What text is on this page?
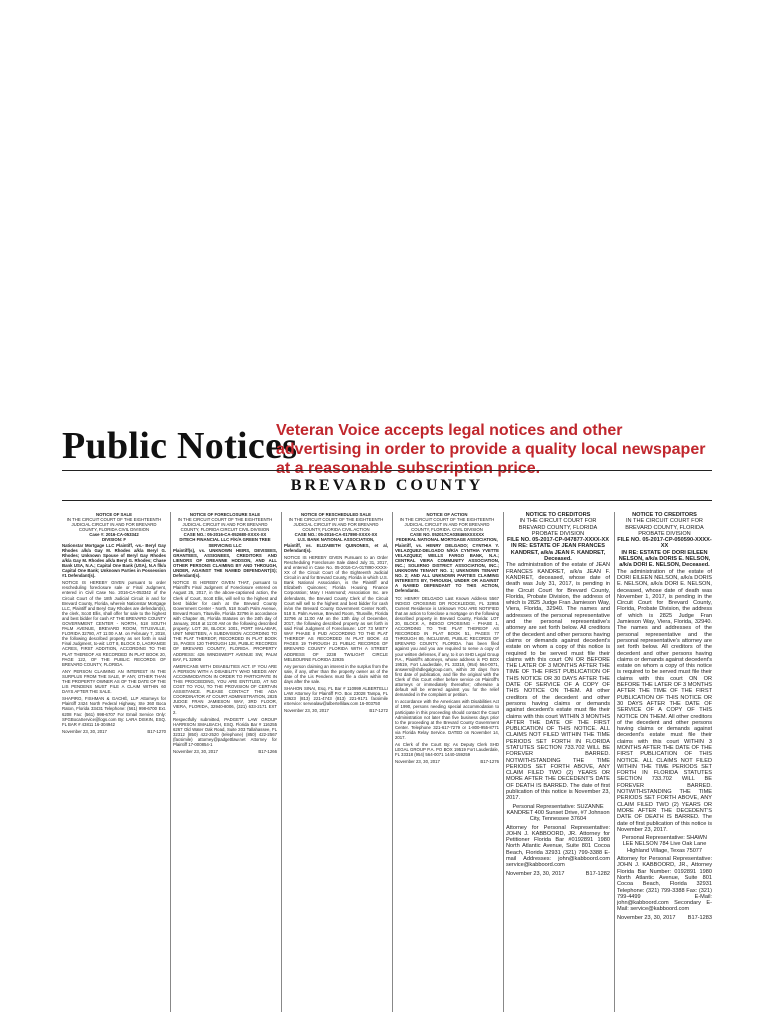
Public Notices
Veteran Voice accepts legal notices and other advertising in order to provide a quality local newspaper at a reasonable subscription price.
BREVARD COUNTY
NOTICE OF SALE
IN THE CIRCUIT COURT OF THE EIGHTEENTH JUDICIAL CIRCUIT IN AND FOR BREVARD COUNTY, FLORIDA CIVIL DIVISION
Case #: 2016-CA-053342
DIVISION: F

Nationstar Mortgage LLC Plaintiff, -vs.- Beryl Gay Rhodes a/k/a Gay M. Rhodes a/k/a Beryl G. Rhodes; Unknown Spouse of Beryl Gay Rhodes a/k/a Gay M. Rhodes a/k/a Beryl G. Rhodes; Chase Bank USA, N.A.; Capital One Bank (USA), N.A f/k/a Capital One Bank; Unknown Parties in Possession #1 Defendant(s).

NOTICE IS HEREBY GIVEN pursuant to order rescheduling foreclosure sale or Final Judgment, entered in Civil Case No. 2016-CA-053342 of the Circuit Court of the 18th Judicial Circuit in and for Brevard County, Florida, wherein Nationstar Mortgage LLC, Plaintiff and Beryl Gay Rhodes are defendant(s), the clerk, Scott Ellis, shall offer for sale to the highest and best bidder for cash AT THE BREVARD COUNTY GOVERNMENT CENTER - NORTH, 518 SOUTH PALM AVENUE, BREVARD ROOM, TITUSVILLE, FLORIDA 32780, AT 11:00 A.M. on February 7, 2018, the following described property as set forth in said Final Judgment, to-wit: LOT 8, BLOCK D, LAGRANGE ACRES, FIRST ADDITION, ACCORDING TO THE PLAT THEREOF AS RECORDED IN PLAT BOOK 20, PAGE 122, OF THE PUBLIC RECORDS OF BREVARD COUNTY, FLORIDA.

ANY PERSON CLAIMING AN INTEREST IN THE SURPLUS FROM THE SALE, IF ANY, OTHER THAN THE PROPERTY OWNER AS OF THE DATE OF THE LIS PENDENS MUST FILE A CLAIM WITHIN 60 DAYS AFTER THE SALE.

SHAPIRO, FISHMAN & GACHÉ, LLP Attorneys for Plaintiff 2424 North Federal Highway, Ste 360 Boca Raton, Florida 33431 Telephone: (561) 998-6700 Ext. 6208 Fax: (561) 998-6707 For Email Service Only: SFGBocaService@logs.com By: LARA DISKIN, ESQ. FL BAR # 43811 16-304942

November 23, 30, 2017	B17-1270
NOTICE OF FORECLOSURE SALE
IN THE CIRCUIT COURT OF THE EIGHTEENTH JUDICIAL CIRCUIT IN AND FOR BREVARD COUNTY, FLORIDA CIRCUIT CIVIL DIVISION
CASE NO.: 05-2016-CA-052680-XXXX-XX
DITECH FINANCIAL LLC F/K/A GREEN TREE SERVICING LLC

Plaintiff(s), vs. UNKNOWN HEIRS, DEVISEES, GRANTEES, ASSIGNEES, CREDITORS AND LIENORS OF DREANNE HODSON, AND ALL OTHER PERSONS CLAIMING BY AND THROUGH, UNDER, AGAINST THE NAMED DEFENDANT(S); Defendant(s).

NOTICE IS HEREBY GIVEN THAT, pursuant to Plaintiff's Final Judgment of Foreclosure entered on August 25, 2017, in the above-captioned action, the Clerk of Court, Scott Ellis, will sell to the highest and best bidder for cash at the Brevard County Government Center - North, 518 South Palm Avenue, Brevard Room, Titusville, Florida 32796 in accordance with Chapter 45, Florida Statutes on the 24th day of January, 2018 at 11:00 AM on the following described property: LOT 28, BLOCK 1001, PORT MALABAR, UNIT NINETEEN, A SUBDIVISION ACCORDING TO THE PLAT THEREOF, RECORDED IN PLAT BOOK 15, PAGES 120 THROUGH 128, PUBLIC RECORDS OF BREVARD COUNTY, FLORIDA. PROPERTY ADDRESS: 426 WINDSWEPT AVENUE SW, PALM BAY, FL 32908

AMERICANS WITH DISABILITIES ACT. IF YOU ARE A PERSON WITH A DISABILITY WHO NEEDS ANY ACCOMMODATION IN ORDER TO PARTICIPATE IN THIS PROCEEDING, YOU ARE ENTITLED, AT NO COST TO YOU, TO THE PROVISION OF CERTAIN ASSISTANCE. PLEASE CONTACT THE ADA COORDINATOR AT COURT ADMINISTRATION, 2825 JUDGE FRAN JAMIESON WAY, 3RD FLOOR, VIERA, FLORIDA, 32940-8006, (321) 633-2171 EXT 2.

Respectfully submitted, PADGETT LAW GROUP HARRISON SMALBACH, ESQ. Florida Bar # 116255 6267 Old Water Oak Road, Suite 203 Tallahassee, FL 32312 (850) 422-2520 (telephone) (850) 422-2567 (facsimile) attorney@padgettlaw.net Attorney for Plaintiff 17-000854-1

November 23, 30, 2017	B17-1266
NOTICE OF RESCHEDULED SALE
IN THE CIRCUIT COURT OF THE EIGHTEENTH JUDICIAL CIRCUIT IN AND FOR BREVARD COUNTY, FLORIDA CIVIL ACTION
CASE NO.: 05-2016-CA-017890-XXXX-XX
U.S. BANK NATIONAL ASSOCIATION,

Plaintiff, vs. ELIZABETH QUINONES, et al, Defendant(s).

NOTICE IS HEREBY GIVEN Pursuant to an Order Rescheduling Foreclosure Sale dated July 31, 2017, and entered in Case No. 05-2016-CA-017890-XXXX-XX of the Circuit Court of the Eighteenth Judicial Circuit in and for Brevard County, Florida in which U.S. Bank National Association, is the Plaintiff and Elizabeth Quinones; Florida Housing Finance Corporation; Mary I Hammond; Association Inc. are defendants, the Brevard County Clerk of the Circuit Court will sell to the highest and best bidder for cash in/on the Brevard County Government Center North, 518 S. Palm Avenue, Brevard Room, Titusville, Florida 32796 at 11:00 AM on the 13th day of December, 2017, the following described property as set forth in said Final Judgment of Foreclosure: LOT 73 MISTY WAY PHASE II PUD ACCORDING TO THE PLAT THEREOF AS RECORDED IN PLAT BOOK 43 PAGES 19 THROUGH 21 PUBLIC RECORDS OF BREVARD COUNTY FLORIDA WITH A STREET ADDRESS OF 2238 TWILIGHT CIRCLE MELBOURNE FLORIDA 32935

Any person claiming an interest in the surplus from the sale, if any, other than the property owner as of the date of the Lis Pendens must file a claim within 60 days after the sale.

SHAHON SINAI, Esq. FL Bar # 110999 ALBERTELLI LAW Attorney for Plaintiff P.O. Box 23028 Tampa, FL 33623 (813) 221-4743 (813) 221-9171 facsimile eService: servealaw@albertellilaw.com 16-003750

November 23, 30, 2017	B17-1272
NOTICE OF ACTION
IN THE CIRCUIT COURT OF THE EIGHTEENTH JUDICIAL CIRCUIT IN AND FOR BREVARD COUNTY, FLORIDA. CIVIL DIVISION
CASE NO. 052017CA038465XXXXXX
FEDERAL NATIONAL MORTGAGE ASSOCIATION,

Plaintiff, vs. HENRY DELGADO; CYNTHIA Y. VELAZQUEZ-DELGADO N/K/A CYNTHIA YVETTE VELAZQUEZ; WELLS FARGO BANK, N.A.; CENTRAL VIERA COMMUNITY ASSOCIATION, INC.; SOLERNO DISTRICT ASSOCIATION, INC.; UNKNOWN TENANT NO. 1; UNKNOWN TENANT NO. 2; AND ALL UNKNOWN PARTIES CLAIMING INTERESTS BY, THROUGH, UNDER OR AGAINST A NAMED DEFENDANT TO THIS ACTION, Defendants.

TO: HENRY DELGADO Last Known Address 5567 INDIGO CROSSING DR ROCKLEDGE, FL 32955 Current Residence is Unknown YOU ARE NOTIFIED that an action to foreclose a mortgage on the following described property in Brevard County, Florida: LOT 20, BLOCK A, INDIGO CROSSING - PHASE 1, ACCORDING TO THE PLAT THEREOF AS RECORDED IN PLAT BOOK 51, PAGES 77 THROUGH 80, INCLUSIVE, PUBLIC RECORDS OF BREVARD COUNTY, FLORIDA. has been filed against you and you are required to serve a copy of your written defenses, if any, to it on SHD Legal Group P.A., Plaintiff's attorneys, whose address is PO BOX 19519, Fort Lauderdale, FL 33318, (954) 564-0071, answers@shdlegalgroup.com, within 30 days from first date of publication, and file the original with the Clerk of this Court either before service on Plaintiff's attorneys or immediately thereafter; otherwise a default will be entered against you for the relief demanded in the complaint or petition.

In accordance with the Americans with Disabilities Act of 1990, persons needing special accommodation to participate in this proceeding should contact the Court Administration not later than five business days prior to the proceeding at the Brevard County Government Center. Telephone 321-617-7279 or 1-800-955-8771 via Florida Relay Service. DATED on November 14, 2017.

As Clerk of the Court By: As Deputy Clerk SHD LEGAL GROUP P.A. PO BOX 19519 Fort Lauderdale, FL 33318 (954) 564-0071 1440-159259

November 23, 30, 2017	B17-1276
NOTICE TO CREDITORS
IN THE CIRCUIT COURT FOR BREVARD COUNTY, FLORIDA PROBATE DIVISION
FILE NO. 05-2017-CP-047877-XXXX-XX
IN RE: ESTATE OF JEAN FRANCES KANDRET, a/k/a JEAN F. KANDRET, Deceased.

The administration of the estate of JEAN FRANCES KANDRET, a/k/a JEAN F. KANDRET, deceased, whose date of death was July 31, 2017, is pending in the Circuit Court for Brevard County, Florida, Probate Division, the address of which is 2825 Judge Fran Jamieson Way, Viera, Florida, 32940. The names and addresses of the personal representative and the personal representative's attorney are set forth below. All creditors of the decedent and other persons having claims or demands against decedent's estate on whom a copy of this notice is required to be served must file their claims with this court ON OR BEFORE THE LATER OF 3 MONTHS AFTER THE TIME OF THE FIRST PUBLICATION OF THIS NOTICE OR 30 DAYS AFTER THE DATE OF SERVICE OF A COPY OF THIS NOTICE ON THEM. All other creditors of the decedent and other persons having claims or demands against decedent's estate must file their claims with this court WITHIN 3 MONTHS AFTER THE DATE OF THE FIRST PUBLICATION OF THIS NOTICE. ALL CLAIMS NOT FILED WITHIN THE TIME PERIODS SET FORTH IN FLORIDA STATUTES SECTION 733.702 WILL BE FOREVER BARRED. NOTWITHSTANDING THE TIME PERIODS SET FORTH ABOVE, ANY CLAIM FILED TWO (2) YEARS OR MORE AFTER THE DECEDENT'S DATE OF DEATH IS BARRED. The date of first publication of this notice is November 23, 2017.

Personal Representative: SUZANNE KANDRET 400 Sunset Drive, #7 Johnson City, Tennessee 37604

Attorney for Personal Representative: JOHN J. KABBOORD, JR. Attorney for Petitioner Florida Bar #0192891 1980 North Atlantic Avenue, Suite 801 Cocoa Beach, Florida 32931 (321) 799-3388 E-mail Addresses: john@kabboord.com service@kabboord.com

November 23, 30, 2017	B17-1282
NOTICE TO CREDITORS
IN THE CIRCUIT COURT FOR BREVARD COUNTY, FLORIDA PROBATE DIVISION
FILE NO. 05-2017-CP-050590-XXXX-XX
IN RE: ESTATE OF DORI EILEEN NELSON, a/k/a DORIS E. NELSON, a/k/a DORI E. NELSON, Deceased.

The administration of the estate of DORI EILEEN NELSON, a/k/a DORIS E. NELSON, a/k/a DORI E. NELSON, deceased, whose date of death was November 1, 2017, is pending in the Circuit Court for Brevard County, Florida, Probate Division, the address of which is 2825 Judge Fran Jamieson Way, Viera, Florida, 32940. The names and addresses of the personal representative and the personal representative's attorney are set forth below. All creditors of the decedent and other persons having claims or demands against decedent's estate on whom a copy of this notice is required to be served must file their claims with this court ON OR BEFORE THE LATER OF 3 MONTHS AFTER THE TIME OF THE FIRST PUBLICATION OF THIS NOTICE OR 30 DAYS AFTER THE DATE OF SERVICE OF A COPY OF THIS NOTICE ON THEM. All other creditors of the decedent and other persons having claims or demands against decedent's estate must file their claims with this court WITHIN 3 MONTHS AFTER THE DATE OF THE FIRST PUBLICATION OF THIS NOTICE. ALL CLAIMS NOT FILED WITHIN THE TIME PERIODS SET FORTH IN FLORIDA STATUTES SECTION 733.702 WILL BE FOREVER BARRED. NOTWITHSTANDING THE TIME PERIODS SET FORTH ABOVE, ANY CLAIM FILED TWO (2) YEARS OR MORE AFTER THE DECEDENT'S DATE OF DEATH IS BARRED. The date of first publication of this notice is November 23, 2017.

Personal Representative: SHAWN LEE NELSON 784 Live Oak Lane Highland Village, Texas 75077

Attorney for Personal Representative: JOHN J. KABBOORD, JR., Attorney Florida Bar Number: 0192891 1980 North Atlantic Avenue, Suite 801 Cocoa Beach, Florida 32931 Telephone: (321) 799-3388 Fax: (321) 799-4499 E-Mail: john@kabboord.com Secondary E-Mail: service@kabboord.com

November 23, 30, 2017 B17-1283
